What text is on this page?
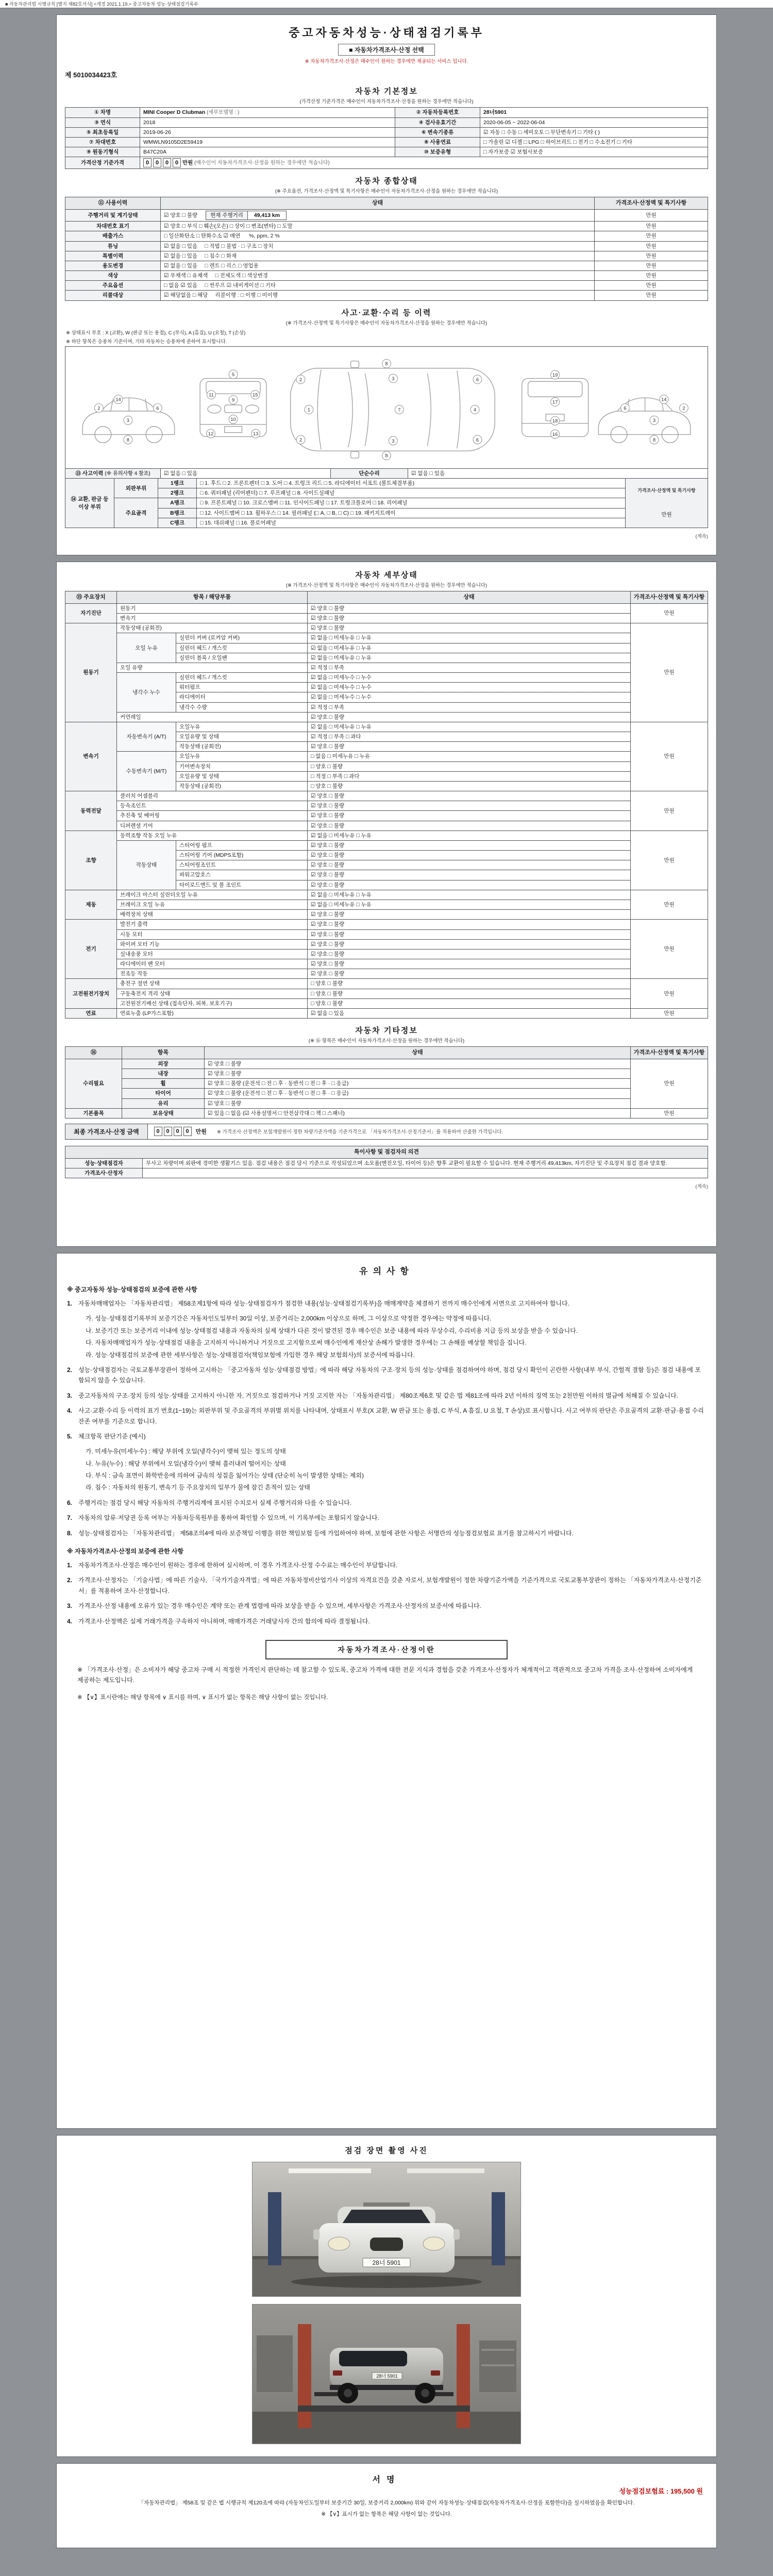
■ 자동차관리법 시행규칙 [별지 제82호서식] <개정 2021.1.19.> 중고자동차 성능·상태점검기록부
중고자동차성능·상태점검기록부
■ 자동차가격조사·산정 선택
※ 자동차가격조사·산정은 매수인이 원하는 경우에만 제공되는 서비스 입니다.
제 5010034423호
자동차 기본정보
(가격산정 기준가격은 매수인이 자동차가격조사·산정을 원하는 경우에만 적습니다)
① 차명	MINI Cooper D Clubman (세부모델명 : )	② 자동차등록번호	28너5901
③ 연식	2018	④ 검사유효기간	2020-06-05 ~ 2022-06-04
⑤ 최초등록일	2019-06-26	⑥ 변속기종류	☑ 자동 □ 수동 □ 세미오토 □ 무단변속기 □ 기타 ( )
⑦ 차대번호	WMWLN9105D2E59419	⑧ 사용연료	□ 가솔린 ☑ 디젤 □ LPG □ 하이브리드 □ 전기 □ 수소전기 □ 기타
⑨ 원동기형식	B47C20A	⑩ 보증유형	□ 자가보증 ☑ 보험사보증
가격산정 기준가격	0 0 0 0 만원 (매수인이 자동차가격조사·산정을 원하는 경우에만 적습니다)		
자동차 종합상태
(※ 주요옵션, 가격조사·산정액 및 특기사항은 매수인이 자동차가격조사·산정을 원하는 경우에만 적습니다)
⑪ 사용이력	상태	가격조사·산정액 및 특기사항
주행거리 및 계기상태	☑ 양호 □ 불량 현재 주행거리 49,413 km	만원
차대번호 표기	☑ 양호 □ 부식 □ 훼손(오손) □ 상이 □ 변조(변타) □ 도말	만원
배출가스	□ 일산화탄소 □ 탄화수소 ☑ 매연 %, ppm, 2 %	만원
튜닝	☑ 없음 □ 있음 □ 적법 □ 불법 · □ 구조 □ 장치	만원
특별이력	☑ 없음 □ 있음 □ 침수 □ 화재	만원
용도변경	☑ 없음 □ 있음 □ 렌트 □ 리스 □ 영업용	만원
색상	☑ 무채색 □ 유채색 □ 전체도색 □ 색상변경	만원
주요옵션	□ 없음 ☑ 있음 □ 썬루프 ☑ 내비게이션 □ 기타	만원
리콜대상	☑ 해당없음 □ 해당 리콜이행 : □ 이행 □ 미이행	만원
사고·교환·수리 등 이력
(※ 가격조사·산정액 및 특기사항은 매수인이 자동차가격조사·산정을 원하는 경우에만 적습니다)
※ 상태표시 부호 : X (교환), W (판금 또는 용접), C (부식), A (흠집), U (요철), T (손상)
※ 하단 항목은 승용차 기준이며, 기타 자동차는 승용차에 준하여 표시합니다.
2
3
6
8
14
5
9
11	15
10
12	13
1
2
2
3
3
6
6
7	4
8
8
19
17
18
16
6
3
2
8
14
⑬ 사고이력 (※ 유의사항 4 참조)	☑ 없음 □ 있음	단순수리	☑ 없음 □ 있음
⑭ 교환, 판금 등 이상 부위	외판부위	1랭크	□ 1. 후드 □ 2. 프론트펜더 □ 3. 도어 □ 4. 트렁크 리드 □ 5. 라디에이터 서포트 (볼트체결부품)	가격조사·산정액 및 특기사항
만원

		2랭크	□ 6. 쿼터패널 (리어펜더) □ 7. 루프패널 □ 8. 사이드실패널	
	주요골격	A랭크	□ 9. 프론트패널 □ 10. 크로스멤버 □ 11. 인사이드패널 □ 17. 트렁크플로어 □ 18. 리어패널	
		B랭크	□ 12. 사이드멤버 □ 13. 휠하우스 □ 14. 필러패널 (□ A, □ B, □ C) □ 19. 패키지트레이	
		C랭크	□ 15. 대쉬패널 □ 16. 플로어패널	
(계속)
자동차 세부상태
(※ 가격조사·산정액 및 특기사항은 매수인이 자동차가격조사·산정을 원하는 경우에만 적습니다)
⑮ 주요장치	항목 / 해당부품		상태	가격조사·산정액 및 특기사항
자기진단	원동기		☑ 양호 □ 불량	만원
	변속기		☑ 양호 □ 불량	
원동기	작동상태 (공회전)		☑ 양호 □ 불량	만원
	오일 누유	실린더 커버 (로커암 커버)	☑ 없음 □ 미세누유 □ 누유	
		실린더 헤드 / 개스킷	☑ 없음 □ 미세누유 □ 누유	
		실린더 블록 / 오일팬	☑ 없음 □ 미세누유 □ 누유	
	오일 유량		☑ 적정 □ 부족	
	냉각수 누수	실린더 헤드 / 개스킷	☑ 없음 □ 미세누수 □ 누수	
		워터펌프	☑ 없음 □ 미세누수 □ 누수	
		라디에이터	☑ 없음 □ 미세누수 □ 누수	
		냉각수 수량	☑ 적정 □ 부족	
	커먼레일		☑ 양호 □ 불량	
변속기	자동변속기 (A/T)	오일누유	☑ 없음 □ 미세누유 □ 누유	만원
		오일유량 및 상태	☑ 적정 □ 부족 □ 과다	
		작동상태 (공회전)	☑ 양호 □ 불량	
	수동변속기 (M/T)	오일누유	□ 없음 □ 미세누유 □ 누유	
		기어변속장치	□ 양호 □ 불량	
		오일유량 및 상태	□ 적정 □ 부족 □ 과다	
		작동상태 (공회전)	□ 양호 □ 불량	
동력전달	클러치 어셈블리		☑ 양호 □ 불량	만원
	등속조인트		☑ 양호 □ 불량	
	추진축 및 베어링		☑ 양호 □ 불량	
	디퍼렌셜 기어		☑ 양호 □ 불량	
조향	동력조향 작동 오일 누유		☑ 없음 □ 미세누유 □ 누유	만원
	작동상태	스티어링 펌프	☑ 양호 □ 불량	
		스티어링 기어 (MDPS포함)	☑ 양호 □ 불량	
		스티어링조인트	☑ 양호 □ 불량	
		파워고압호스	☑ 양호 □ 불량	
		타이로드엔드 및 볼 조인트	☑ 양호 □ 불량	
제동	브레이크 마스터 실린더오일 누유		☑ 없음 □ 미세누유 □ 누유	만원
	브레이크 오일 누유		☑ 없음 □ 미세누유 □ 누유	
	배력장치 상태		☑ 양호 □ 불량	
전기	발전기 출력		☑ 양호 □ 불량	만원
	시동 모터		☑ 양호 □ 불량	
	와이퍼 모터 기능		☑ 양호 □ 불량	
	실내송풍 모터		☑ 양호 □ 불량	
	라디에이터 팬 모터		☑ 양호 □ 불량	
	전조등 작동		☑ 양호 □ 불량	
고전원전기장치	충전구 절연 상태		□ 양호 □ 불량	만원
	구동축전지 격리 상태		□ 양호 □ 불량	
	고전원전기배선 상태 (접속단자, 피복, 보호기구)		□ 양호 □ 불량	
연료	연료누출 (LP가스포함)		☑ 없음 □ 있음	만원
자동차 기타정보
(※ ⑯ 항목은 매수인이 자동차가격조사·산정을 원하는 경우에만 적습니다)
⑯	항목	상태	가격조사·산정액 및 특기사항
수리필요	외장	☑ 양호 □ 불량	만원
	내장	☑ 양호 □ 불량	
	휠	☑ 양호 □ 불량 (운전석 □ 전 □ 후 · 동반석 □ 전 □ 후 · □ 응급)	
	타이어	☑ 양호 □ 불량 (운전석 □ 전 □ 후 · 동반석 □ 전 □ 후 · □ 응급)	
	유리	☑ 양호 □ 불량	
기본품목	보유상태	☑ 있음 □ 없음 (☑ 사용설명서 □ 안전삼각대 □ 잭 □ 스패너)	만원
최종 가격조사·산정 금액	0	0	0	0	만원 ※ 가격조사·산정액은 보험개발원이 정한 차량기준가액을 기준가격으로 「자동차가격조사·산정기준서」를 적용하여 산출한 가격입니다.
특이사항 및 점검자의 의견	
성능·상태점검자	무사고 차량이며 외판에 경미한 생활기스 있음. 점검 내용은 점검 당시 기준으로 작성되었으며 소모품(엔진오일, 타이어 등)은 향후 교환이 필요할 수 있습니다. 현재 주행거리 49,413km, 자기진단 및 주요장치 점검 결과 양호함.
가격조사·산정자	
(계속)
유의사항
※ 중고자동차 성능·상태점검의 보증에 관한 사항
1. 자동차매매업자는 「자동차관리법」 제58조제1항에 따라 성능·상태점검자가 점검한 내용(성능·상태점검기록부)을 매매계약을 체결하기 전까지 매수인에게 서면으로 고지하여야 합니다.
가. 성능·상태점검기록부의 보증기간은 자동차인도일부터 30일 이상, 보증거리는 2,000km 이상으로 하며, 그 이상으로 약정한 경우에는 약정에 따릅니다.
나. 보증기간 또는 보증거리 이내에 성능·상태점검 내용과 자동차의 실제 상태가 다른 것이 발견된 경우 매수인은 보증 내용에 따라 무상수리, 수리비용 지급 등의 보상을 받을 수 있습니다.
다. 자동차매매업자가 성능·상태점검 내용을 고지하지 아니하거나 거짓으로 고지함으로써 매수인에게 재산상 손해가 발생한 경우에는 그 손해를 배상할 책임을 집니다.
라. 성능·상태점검의 보증에 관한 세부사항은 성능·상태점검자(책임보험에 가입한 경우 해당 보험회사)의 보증서에 따릅니다.
2. 성능·상태점검자는 국토교통부장관이 정하여 고시하는 「중고자동차 성능·상태점검 방법」에 따라 해당 자동차의 구조·장치 등의 성능·상태를 점검하여야 하며, 점검 당시 확인이 곤란한 사항(내부 부식, 간헐적 결함 등)은 점검 내용에 포함되지 않을 수 있습니다.
3. 중고자동차의 구조·장치 등의 성능·상태를 고지하지 아니한 자, 거짓으로 점검하거나 거짓 고지한 자는 「자동차관리법」 제80조제6호 및 같은 법 제81조에 따라 2년 이하의 징역 또는 2천만원 이하의 벌금에 처해질 수 있습니다.
4. 사고·교환·수리 등 이력의 표기 번호(1~19)는 외판부위 및 주요골격의 부위별 위치를 나타내며, 상태표시 부호(X 교환, W 판금 또는 용접, C 부식, A 흠집, U 요철, T 손상)로 표시합니다. 사고 여부의 판단은 주요골격의 교환·판금·용접 수리 잔존 여부를 기준으로 합니다.
5. 체크항목 판단기준 (예시)
가. 미세누유(미세누수) : 해당 부위에 오일(냉각수)이 맺혀 있는 정도의 상태
나. 누유(누수) : 해당 부위에서 오일(냉각수)이 맺혀 흘러내려 떨어지는 상태
다. 부식 : 금속 표면이 화학반응에 의하여 금속의 성질을 잃어가는 상태 (단순히 녹이 발생한 상태는 제외)
라. 침수 : 자동차의 원동기, 변속기 등 주요장치의 일부가 물에 잠긴 흔적이 있는 상태
6. 주행거리는 점검 당시 해당 자동차의 주행거리계에 표시된 수치로서 실제 주행거리와 다를 수 있습니다.
7. 자동차의 압류·저당권 등록 여부는 자동차등록원부를 통하여 확인할 수 있으며, 이 기록부에는 포함되지 않습니다.
8. 성능·상태점검자는 「자동차관리법」 제58조의4에 따라 보증책임 이행을 위한 책임보험 등에 가입하여야 하며, 보험에 관한 사항은 서명란의 성능점검보험료 표기를 참고하시기 바랍니다.
※ 자동차가격조사·산정의 보증에 관한 사항
1. 자동차가격조사·산정은 매수인이 원하는 경우에 한하여 실시하며, 이 경우 가격조사·산정 수수료는 매수인이 부담합니다.
2. 가격조사·산정자는 「기술사법」에 따른 기술사, 「국가기술자격법」에 따른 자동차정비산업기사 이상의 자격요건을 갖춘 자로서, 보험개발원이 정한 차량기준가액을 기준가격으로 국토교통부장관이 정하는 「자동차가격조사·산정기준서」를 적용하여 조사·산정합니다.
3. 가격조사·산정 내용에 오류가 있는 경우 매수인은 계약 또는 관계 법령에 따라 보상을 받을 수 있으며, 세부사항은 가격조사·산정자의 보증서에 따릅니다.
4. 가격조사·산정액은 실제 거래가격을 구속하지 아니하며, 매매가격은 거래당사자 간의 합의에 따라 결정됩니다.
자동차가격조사·산정이란
※ 「가격조사·산정」은 소비자가 해당 중고차 구매 시 적정한 가격인지 판단하는 데 참고할 수 있도록, 중고차 가격에 대한 전문 지식과 경험을 갖춘 가격조사·산정자가 체계적이고 객관적으로 중고차 가격을 조사·산정하여 소비자에게 제공하는 제도입니다.
※ 【∨】표시란에는 해당 항목에 ∨ 표시를 하며, ∨ 표시가 없는 항목은 해당 사항이 없는 것입니다.
점검 장면 촬영 사진
28너 5901
28너 5901
서명
성능점검보험료 : 195,500 원
「자동차관리법」 제58조 및 같은 법 시행규칙 제120조에 따라 (자동차인도일부터 보증기간 30일, 보증거리 2,000km) 위와 같이 자동차성능·상태점검(자동차가격조사·산정을 포함한다)을 실시하였음을 확인합니다.
※ 【∨】표시가 없는 항목은 해당 사항이 없는 것입니다.
